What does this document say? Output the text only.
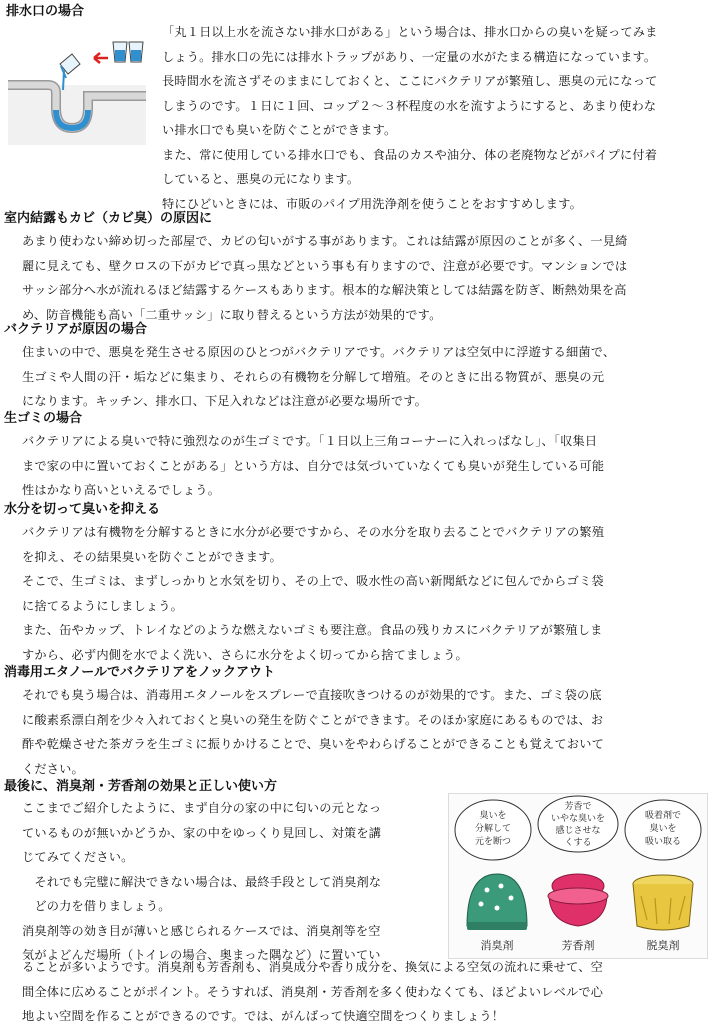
排水口の場合
「丸１日以上水を流さない排水口がある」という場合は、排水口からの臭いを疑ってみま
しょう。排水口の先には排水トラップがあり、一定量の水がたまる構造になっています。
長時間水を流さずそのままにしておくと、ここにバクテリアが繁殖し、悪臭の元になって
しまうのです。１日に１回、コップ２～３杯程度の水を流すようにすると、あまり使わな
い排水口でも臭いを防ぐことができます。
また、常に使用している排水口でも、食品のカスや油分、体の老廃物などがパイプに付着
していると、悪臭の元になります。
特にひどいときには、市販のパイプ用洗浄剤を使うことをおすすめします。
室内結露もカビ（カビ臭）の原因に
あまり使わない締め切った部屋で、カビの匂いがする事があります。これは結露が原因のことが多く、一見綺
麗に見えても、壁クロスの下がカビで真っ黒などという事も有りますので、注意が必要です。マンションでは
サッシ部分へ水が流れるほど結露するケースもあります。根本的な解決策としては結露を防ぎ、断熱効果を高
め、防音機能も高い「二重サッシ」に取り替えるという方法が効果的です。
バクテリアが原因の場合
住まいの中で、悪臭を発生させる原因のひとつがバクテリアです。バクテリアは空気中に浮遊する細菌で、
生ゴミや人間の汗・垢などに集まり、それらの有機物を分解して増殖。そのときに出る物質が、悪臭の元
になります。キッチン、排水口、下足入れなどは注意が必要な場所です。
生ゴミの場合
バクテリアによる臭いで特に強烈なのが生ゴミです。「１日以上三角コーナーに入れっぱなし」、「収集日
まで家の中に置いておくことがある」という方は、自分では気づいていなくても臭いが発生している可能
性はかなり高いといえるでしょう。
水分を切って臭いを抑える
バクテリアは有機物を分解するときに水分が必要ですから、その水分を取り去ることでバクテリアの繁殖
を抑え、その結果臭いを防ぐことができます。
そこで、生ゴミは、まずしっかりと水気を切り、その上で、吸水性の高い新聞紙などに包んでからゴミ袋
に捨てるようにしましょう。
また、缶やカップ、トレイなどのような燃えないゴミも要注意。食品の残りカスにバクテリアが繁殖しま
すから、必ず内側を水でよく洗い、さらに水分をよく切ってから捨てましょう。
消毒用エタノールでバクテリアをノックアウト
それでも臭う場合は、消毒用エタノールをスプレーで直接吹きつけるのが効果的です。また、ゴミ袋の底
に酸素系漂白剤を少々入れておくと臭いの発生を防ぐことができます。そのほか家庭にあるものでは、お
酢や乾燥させた茶ガラを生ゴミに振りかけることで、臭いをやわらげることができることも覚えておいて
ください。
最後に、消臭剤・芳香剤の効果と正しい使い方
ここまでご紹介したように、まず自分の家の中に匂いの元となっ
ているものが無いかどうか、家の中をゆっくり見回し、対策を講
じてみてください。
　それでも完璧に解決できない場合は、最終手段として消臭剤な
　どの力を借りましょう。
消臭剤等の効き目が薄いと感じられるケースでは、消臭剤等を空
気がよどんだ場所（トイレの場合、奥まった隅など）に置いてい
ることが多いようです。消臭剤も芳香剤も、消臭成分や香り成分を、換気による空気の流れに乗せて、空
間全体に広めることがポイント。そうすれば、消臭剤・芳香剤を多く使わなくても、ほどよいレベルで心
地よい空間を作ることができるのです。では、がんばって快適空間をつくりましょう！
臭いを
分解して
元を断つ
芳香で
いやな臭いを
感じさせな
くする
吸着剤で
臭いを
吸い取る
消臭剤	芳香剤	脱臭剤
